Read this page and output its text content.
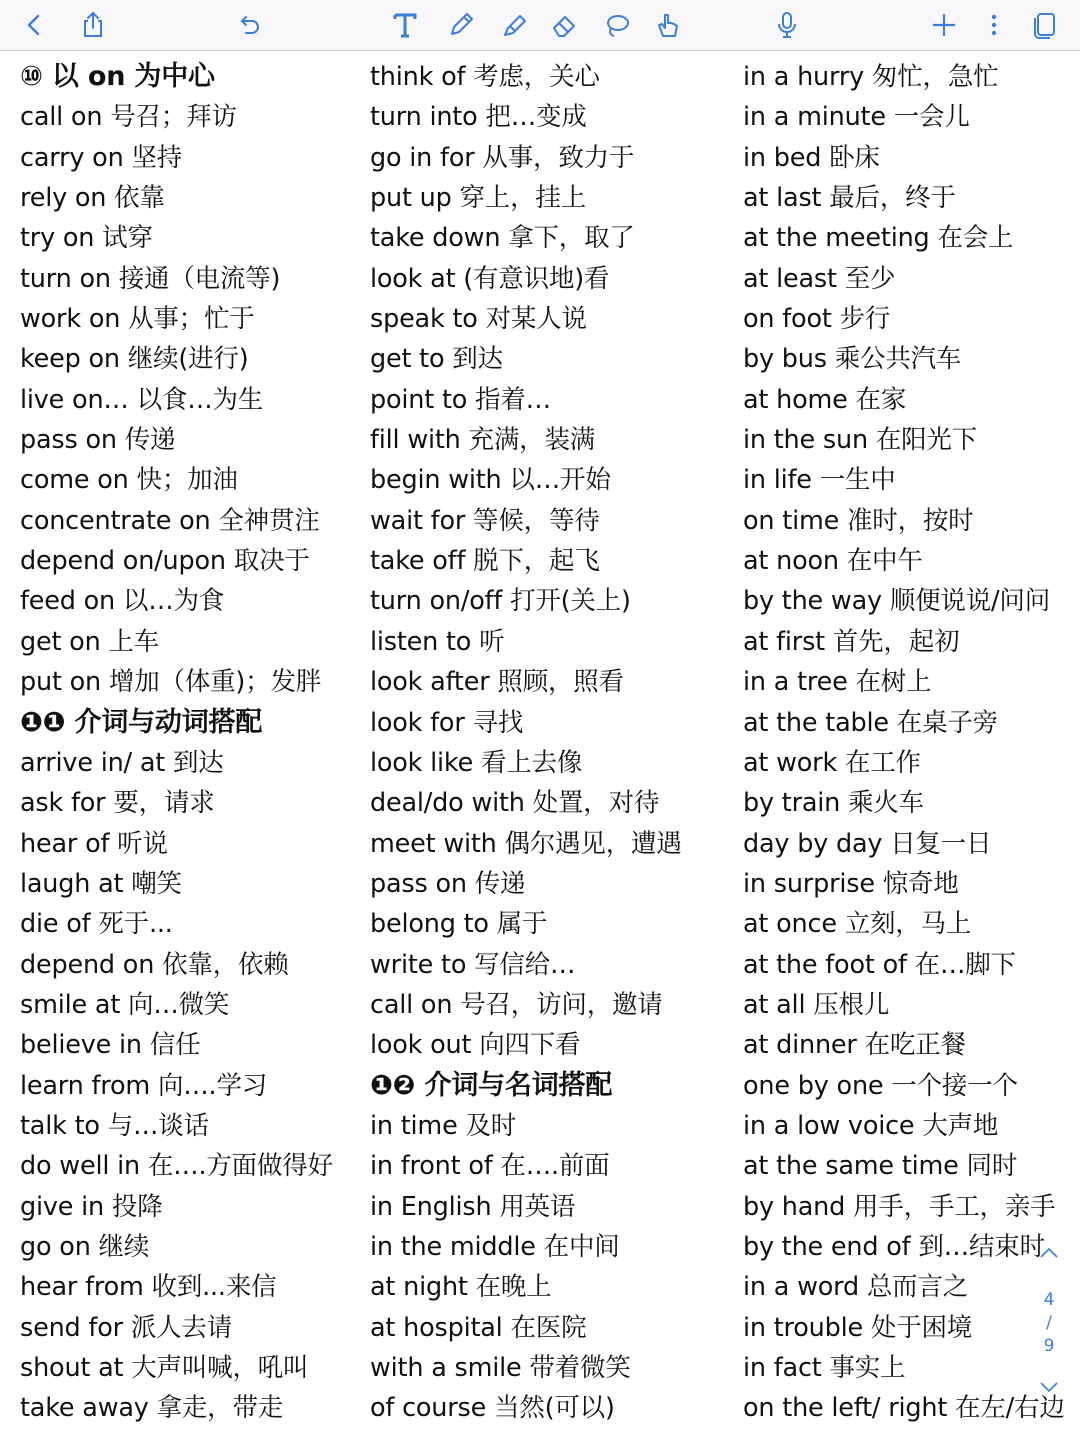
⑩ 以 on 为中心
call on 号召；拜访
carry on 坚持
rely on 依靠
try on 试穿
turn on 接通（电流等)
work on 从事；忙于
keep on 继续(进行)
live on… 以食…为生
pass on 传递
come on 快；加油
concentrate on 全神贯注
depend on/upon 取决于
feed on 以…为食
get on 上车
put on 增加（体重)；发胖
❶❶ 介词与动词搭配
arrive in/ at 到达
ask for 要，请求
hear of 听说
laugh at 嘲笑
die of 死于...
depend on 依靠，依赖
smile at 向…微笑
believe in 信任
learn from 向….学习
talk to 与…谈话
do well in 在….方面做得好
give in 投降
go on 继续
hear from 收到...来信
send for 派人去请
shout at 大声叫喊，吼叫
take away 拿走，带走
think of 考虑，关心
turn into 把…变成
go in for 从事，致力于
put up 穿上，挂上
take down 拿下，取了
look at (有意识地)看
speak to 对某人说
get to 到达
point to 指着…
fill with 充满，装满
begin with 以…开始
wait for 等候，等待
take off 脱下，起飞
turn on/off 打开(关上)
listen to 听
look after 照顾，照看
look for 寻找
look like 看上去像
deal/do with 处置，对待
meet with 偶尔遇见，遭遇
pass on 传递
belong to 属于
write to 写信给…
call on 号召，访问，邀请
look out 向四下看
❶❷ 介词与名词搭配
in time 及时
in front of 在….前面
in English 用英语
in the middle 在中间
at night 在晚上
at hospital 在医院
with a smile 带着微笑
of course 当然(可以)
in a hurry 匆忙，急忙
in a minute 一会儿
in bed 卧床
at last 最后，终于
at the meeting 在会上
at least 至少
on foot 步行
by bus 乘公共汽车
at home 在家
in the sun 在阳光下
in life 一生中
on time 准时，按时
at noon 在中午
by the way 顺便说说/问问
at first 首先，起初
in a tree 在树上
at the table 在桌子旁
at work 在工作
by train 乘火车
day by day 日复一日
in surprise 惊奇地
at once 立刻，马上
at the foot of 在…脚下
at all 压根儿
at dinner 在吃正餐
one by one 一个接一个
in a low voice 大声地
at the same time 同时
by hand 用手，手工，亲手
by the end of 到…结束时
in a word 总而言之
in trouble 处于困境
in fact 事实上
on the left/ right 在左/右边
4
/
9
